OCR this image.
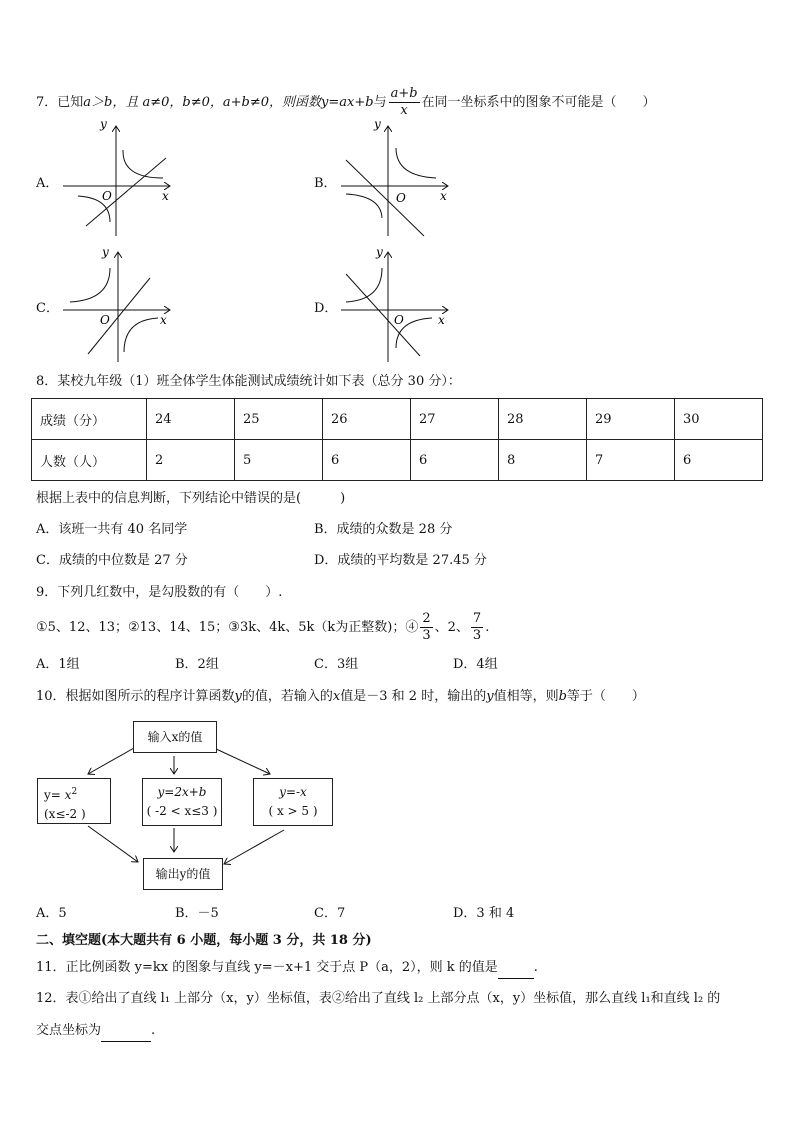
7．已知a＞b，且 a≠0，b≠0，a+b≠0，则函数y=ax+b与 $\frac{a+b}{x}$ 在同一坐标系中的图象不可能是（　　）
A．	B．
C．	D．
y
x
O
y
x
O
y
x
O
y
x
O
8．某校九年级（1）班全体学生体能测试成绩统计如下表（总分 30 分）：
成绩（分）	24	25	26	27	28	29	30
人数（人）	2	5	6	6	8	7	6
根据上表中的信息判断，下列结论中错误的是(　　　)
A．该班一共有 40 名同学	B．成绩的众数是 28 分
C．成绩的中位数是 27 分	D．成绩的平均数是 27.45 分
9．下列几红数中，是勾股数的有（　　）.
①5、12、13；②13、14、15；③3k、4k、5k（k为正整数)；④ $\frac{2}{3}$ 、2、 $\frac{7}{3}$ .
A．1组	B．2组	C．3组	D．4组
10．根据如图所示的程序计算函数y的值，若输入的x值是－3 和 2 时，输出的y值相等，则b等于（　　）
输入x的值
$y= x^2$
(x≤-2 )
y=2x+b
( -2 < x≤3 )
y=-x
( x > 5 )
输出y的值
A．5	B．－5	C．7	D．3 和 4
二、填空题(本大题共有 6 小题，每小题 3 分，共 18 分)
11．正比例函数 y=kx 的图象与直线 y=－x+1 交于点 P（a，2），则 k 的值是	.
12．表①给出了直线 l₁ 上部分（x，y）坐标值，表②给出了直线 l₂ 上部分点（x，y）坐标值，那么直线 l₁和直线 l₂ 的
交点坐标为	.
